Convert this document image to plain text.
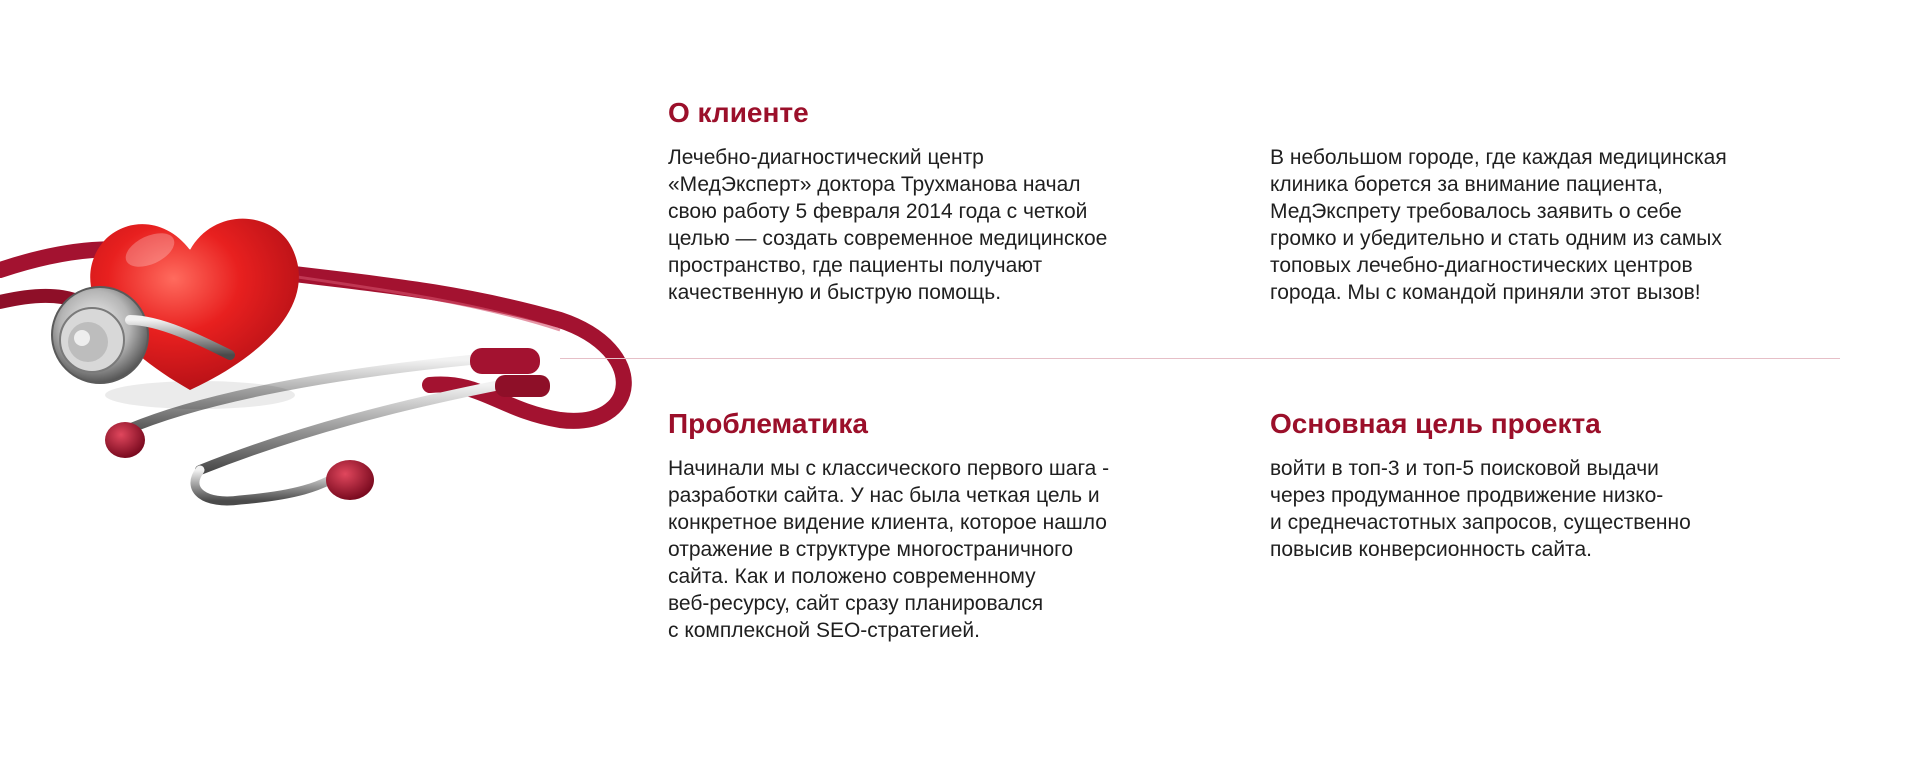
О клиенте

Лечебно-диагностический центр
«МедЭксперт» доктора Трухманова начал
свою работу 5 февраля 2014 года с четкой
целью — создать современное медицинское
пространство, где пациенты получают
качественную и быструю помощь.

В небольшом городе, где каждая медицинская
клиника борется за внимание пациента,
МедЭкспрету требовалось заявить о себе
громко и убедительно и стать одним из самых
топовых лечебно-диагностических центров
города. Мы с командой приняли этот вызов!

Проблематика

Начинали мы с классического первого шага -
разработки сайта. У нас была четкая цель и
конкретное видение клиента, которое нашло
отражение в структуре многостраничного
сайта. Как и положено современному
веб-ресурсу, сайт сразу планировался
с комплексной SEO-стратегией.

Основная цель проекта

войти в топ-3 и топ-5 поисковой выдачи
через продуманное продвижение низко-
и среднечастотных запросов, существенно
повысив конверсионность сайта.
